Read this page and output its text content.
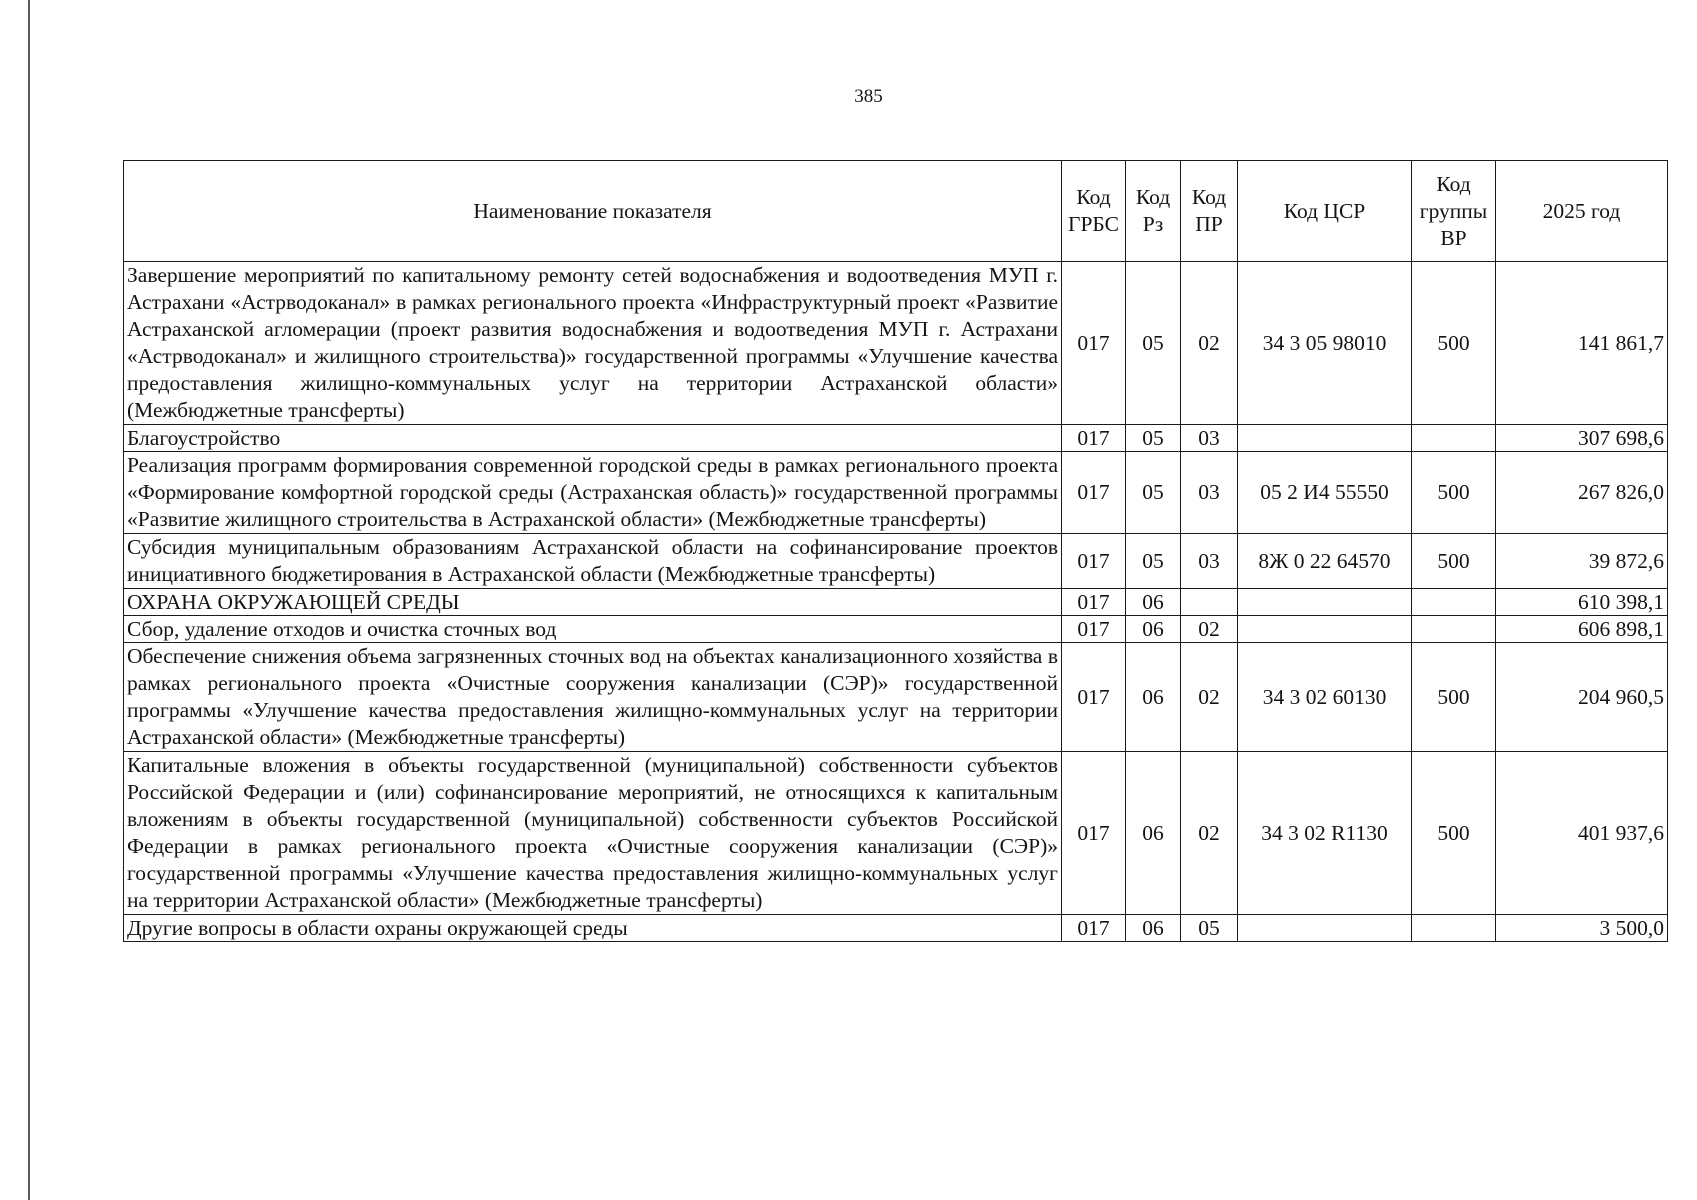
385
Наименование показателя	Код ГРБС	Код Рз	Код ПР	Код ЦСР	Код группы ВР	2025 год
Завершение мероприятий по капитальному ремонту сетей водоснабжения и водоотведения МУП г. Астрахани «Астрводоканал» в рамках регионального проекта «Инфраструктурный проект «Развитие Астраханской агломерации (проект развития водоснабжения и водоотведения МУП г. Астрахани «Астрводоканал» и жилищного строительства)» государственной программы «Улучшение качества предоставления жилищно-коммунальных услуг на территории Астраханской области» (Межбюджетные трансферты)	017	05	02	34 3 05 98010	500	141 861,7
Благоустройство	017	05	03			307 698,6
Реализация программ формирования современной городской среды в рамках регионального проекта «Формирование комфортной городской среды (Астраханская область)» государственной программы «Развитие жилищного строительства в Астраханской области» (Межбюджетные трансферты)	017	05	03	05 2 И4 55550	500	267 826,0
Субсидия муниципальным образованиям Астраханской области на софинансирование проектов инициативного бюджетирования в Астраханской области (Межбюджетные трансферты)	017	05	03	8Ж 0 22 64570	500	39 872,6
ОХРАНА ОКРУЖАЮЩЕЙ СРЕДЫ	017	06				610 398,1
Сбор, удаление отходов и очистка сточных вод	017	06	02			606 898,1
Обеспечение снижения объема загрязненных сточных вод на объектах канализационного хозяйства в рамках регионального проекта «Очистные сооружения канализации (СЭР)» государственной программы «Улучшение качества предоставления жилищно-коммунальных услуг на территории Астраханской области» (Межбюджетные трансферты)	017	06	02	34 3 02 60130	500	204 960,5
Капитальные вложения в объекты государственной (муниципальной) собственности субъектов Российской Федерации и (или) софинансирование мероприятий, не относящихся к капитальным вложениям в объекты государственной (муниципальной) собственности субъектов Российской Федерации в рамках регионального проекта «Очистные сооружения канализации (СЭР)» государственной программы «Улучшение качества предоставления жилищно-коммунальных услуг на территории Астраханской области» (Межбюджетные трансферты)	017	06	02	34 3 02 R1130	500	401 937,6
Другие вопросы в области охраны окружающей среды	017	06	05			3 500,0
